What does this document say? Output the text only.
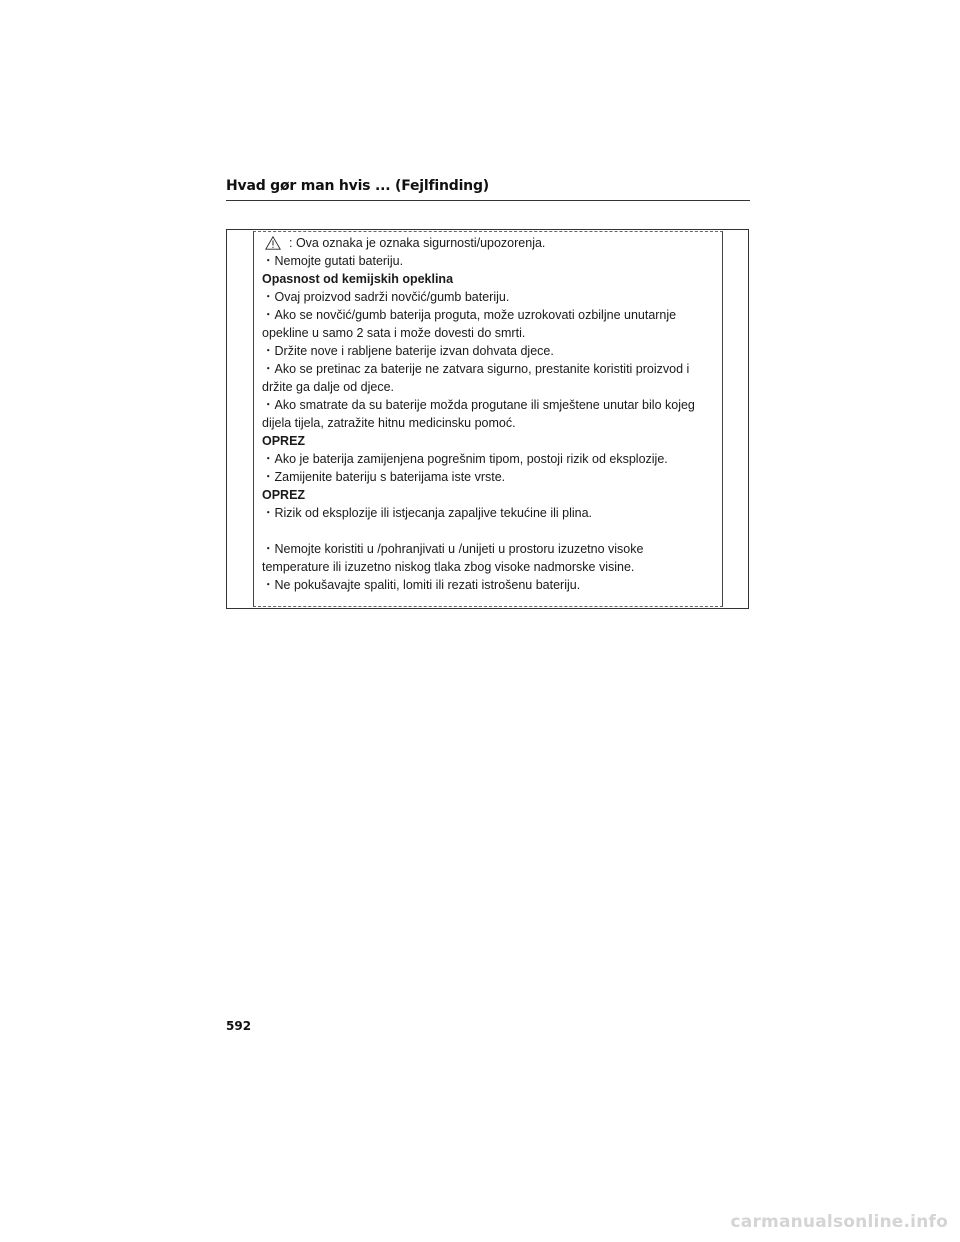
Hvad gør man hvis ... (Fejlfinding)
: Ova oznaka je oznaka sigurnosti/upozorenja.
・Nemojte gutati bateriju.
Opasnost od kemijskih opeklina
・Ovaj proizvod sadrži novčić/gumb bateriju.
・Ako se novčić/gumb baterija proguta, može uzrokovati ozbiljne unutarnje
opekline u samo 2 sata i može dovesti do smrti.
・Držite nove i rabljene baterije izvan dohvata djece.
・Ako se pretinac za baterije ne zatvara sigurno, prestanite koristiti proizvod i
držite ga dalje od djece.
・Ako smatrate da su baterije možda progutane ili smještene unutar bilo kojeg
dijela tijela, zatražite hitnu medicinsku pomoć.
OPREZ
・Ako je baterija zamijenjena pogrešnim tipom, postoji rizik od eksplozije.
・Zamijenite bateriju s baterijama iste vrste.
OPREZ
・Rizik od eksplozije ili istjecanja zapaljive tekućine ili plina.
・Nemojte koristiti u /pohranjivati u /unijeti u prostoru izuzetno visoke
temperature ili izuzetno niskog tlaka zbog visoke nadmorske visine.
・Ne pokušavajte spaliti, lomiti ili rezati istrošenu bateriju.
592
carmanualsonline.info
